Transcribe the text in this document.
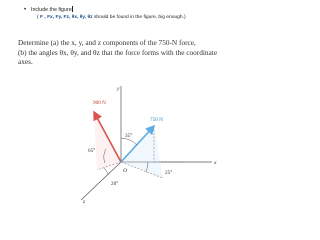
• Include the figure
( F , Fx, Fy, Fz, θx, θy, θz should be found in the figure, big enough.)
Determine (a) the x, y, and z components of the 750-N force,
(b) the angles θx, θy, and θz that the force forms with the coordinate
axes.
900 N
750 N
35°
65°
25°
20°
O
x
y
z
